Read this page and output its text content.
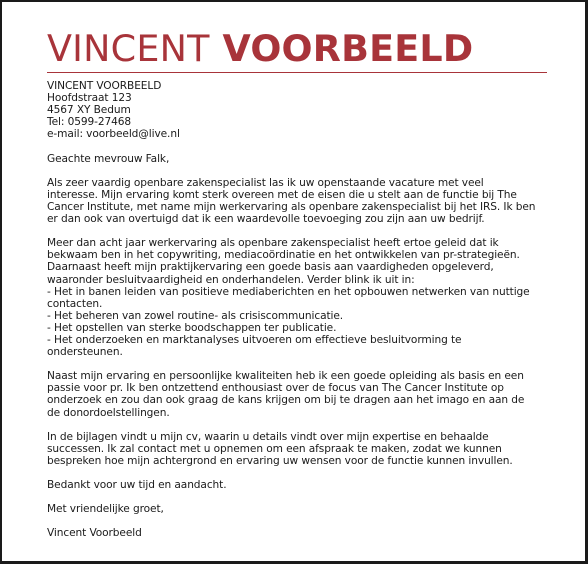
VINCENT VOORBEELD
VINCENT VOORBEELD
Hoofdstraat 123
4567 XY Bedum
Tel: 0599-27468
e-mail: voorbeeld@live.nl
Geachte mevrouw Falk,
Als zeer vaardig openbare zakenspecialist las ik uw openstaande vacature met veel
interesse. Mijn ervaring komt sterk overeen met de eisen die u stelt aan de functie bij The
Cancer Institute, met name mijn werkervaring als openbare zakenspecialist bij het IRS. Ik ben
er dan ook van overtuigd dat ik een waardevolle toevoeging zou zijn aan uw bedrijf.
Meer dan acht jaar werkervaring als openbare zakenspecialist heeft ertoe geleid dat ik
bekwaam ben in het copywriting, mediacoördinatie en het ontwikkelen van pr-strategieën.
Daarnaast heeft mijn praktijkervaring een goede basis aan vaardigheden opgeleverd,
waaronder besluitvaardigheid en onderhandelen. Verder blink ik uit in:
- Het in banen leiden van positieve mediaberichten en het opbouwen netwerken van nuttige
contacten.
- Het beheren van zowel routine- als crisiscommunicatie.
- Het opstellen van sterke boodschappen ter publicatie.
- Het onderzoeken en marktanalyses uitvoeren om effectieve besluitvorming te
ondersteunen.
Naast mijn ervaring en persoonlijke kwaliteiten heb ik een goede opleiding als basis en een
passie voor pr. Ik ben ontzettend enthousiast over de focus van The Cancer Institute op
onderzoek en zou dan ook graag de kans krijgen om bij te dragen aan het imago en aan de
de donordoelstellingen.
In de bijlagen vindt u mijn cv, waarin u details vindt over mijn expertise en behaalde
successen. Ik zal contact met u opnemen om een afspraak te maken, zodat we kunnen
bespreken hoe mijn achtergrond en ervaring uw wensen voor de functie kunnen invullen.
Bedankt voor uw tijd en aandacht.
Met vriendelijke groet,
Vincent Voorbeeld
